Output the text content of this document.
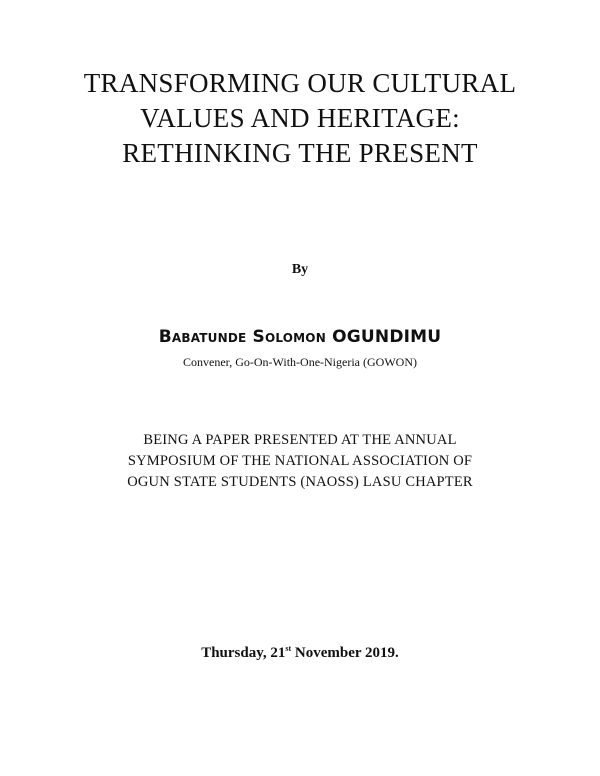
TRANSFORMING OUR CULTURAL
VALUES AND HERITAGE:
RETHINKING THE PRESENT
By
Babatunde Solomon OGUNDIMU
Convener, Go-On-With-One-Nigeria (GOWON)
BEING A PAPER PRESENTED AT THE ANNUAL
SYMPOSIUM OF THE NATIONAL ASSOCIATION OF
OGUN STATE STUDENTS (NAOSS) LASU CHAPTER
Thursday, 21st November 2019.
